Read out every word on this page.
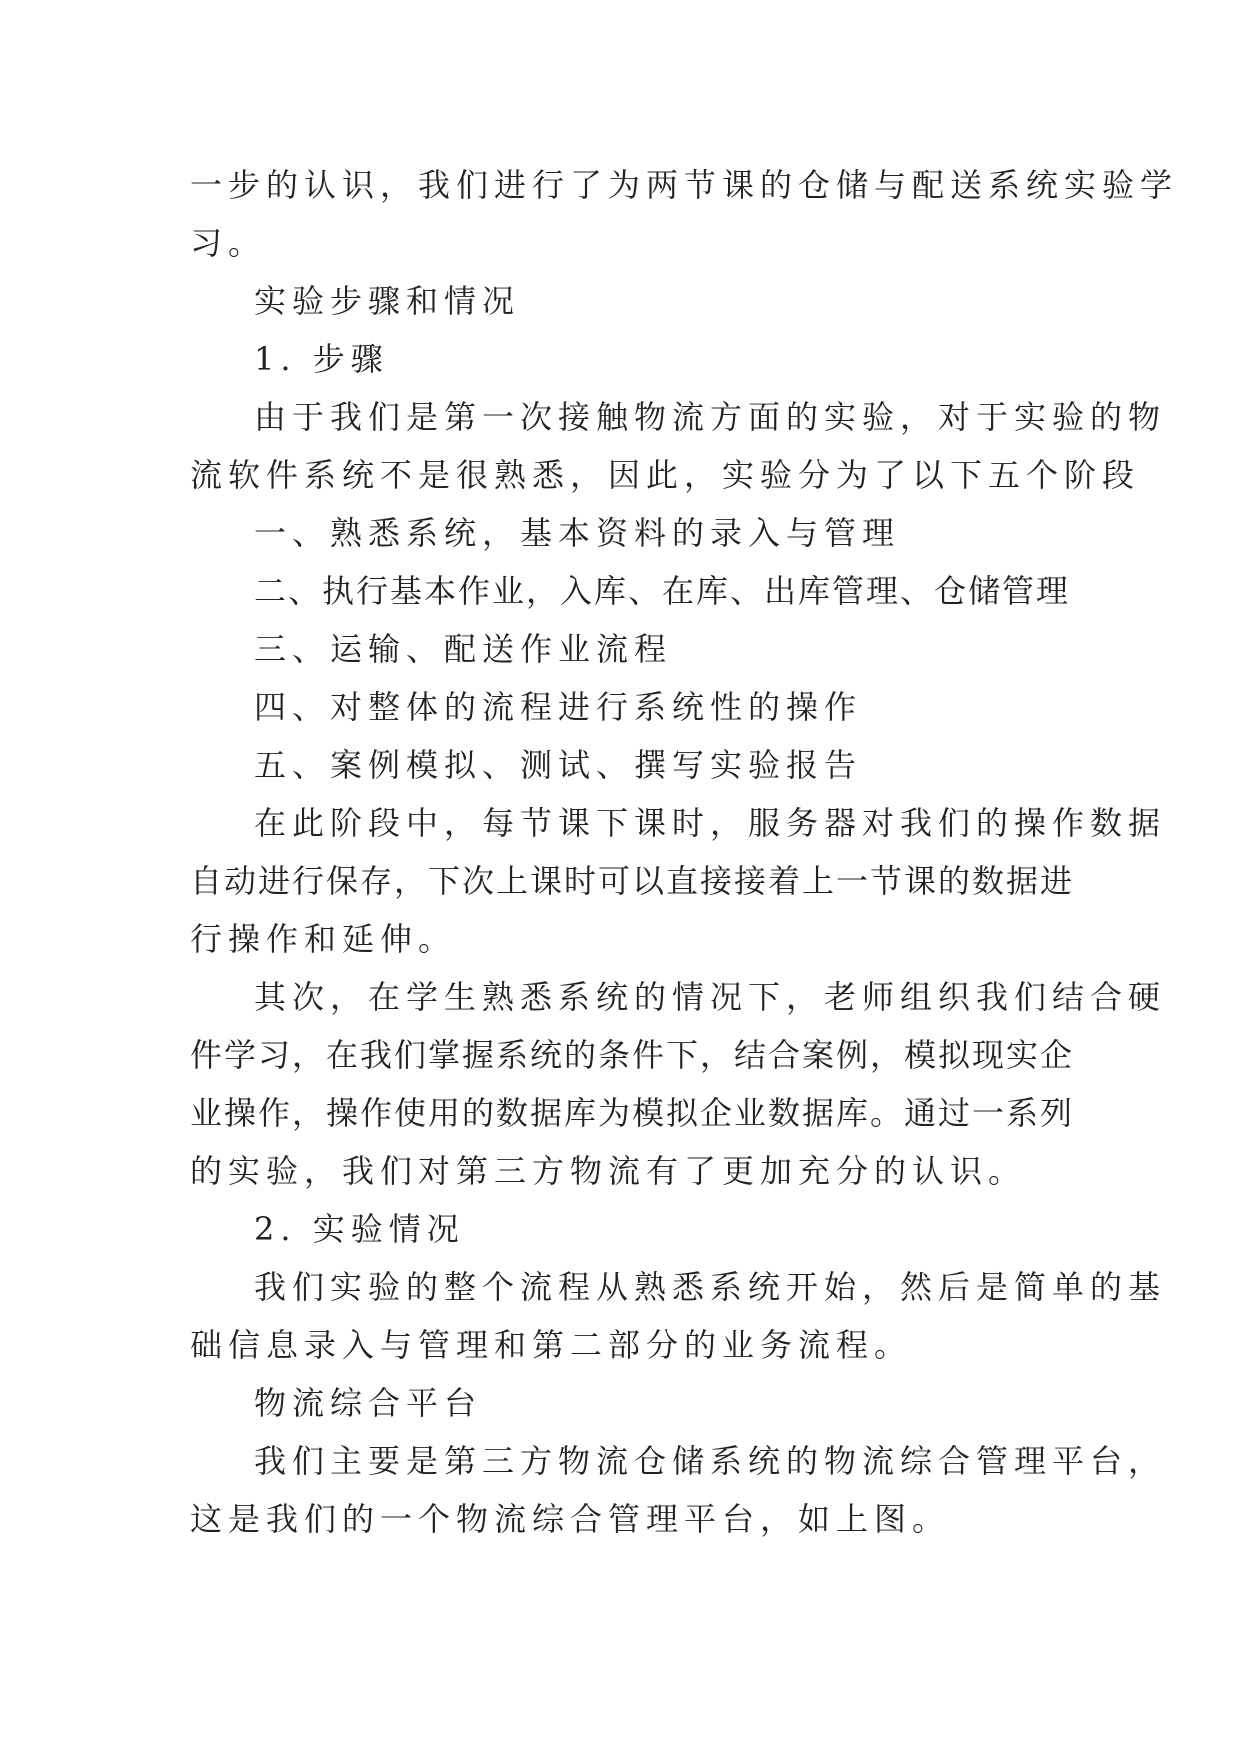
一步的认识，我们进行了为两节课的仓储与配送系统实验学
习。
实验步骤和情况
1. 步骤
由于我们是第一次接触物流方面的实验，对于实验的物
流软件系统不是很熟悉，因此，实验分为了以下五个阶段
一、熟悉系统，基本资料的录入与管理
二、执行基本作业，入库、在库、出库管理、仓储管理
三、运输、配送作业流程
四、对整体的流程进行系统性的操作
五、案例模拟、测试、撰写实验报告
在此阶段中，每节课下课时，服务器对我们的操作数据
自动进行保存，下次上课时可以直接接着上一节课的数据进
行操作和延伸。
其次，在学生熟悉系统的情况下，老师组织我们结合硬
件学习，在我们掌握系统的条件下，结合案例，模拟现实企
业操作，操作使用的数据库为模拟企业数据库。通过一系列
的实验，我们对第三方物流有了更加充分的认识。
2. 实验情况
我们实验的整个流程从熟悉系统开始，然后是简单的基
础信息录入与管理和第二部分的业务流程。
物流综合平台
我们主要是第三方物流仓储系统的物流综合管理平台，
这是我们的一个物流综合管理平台，如上图。
